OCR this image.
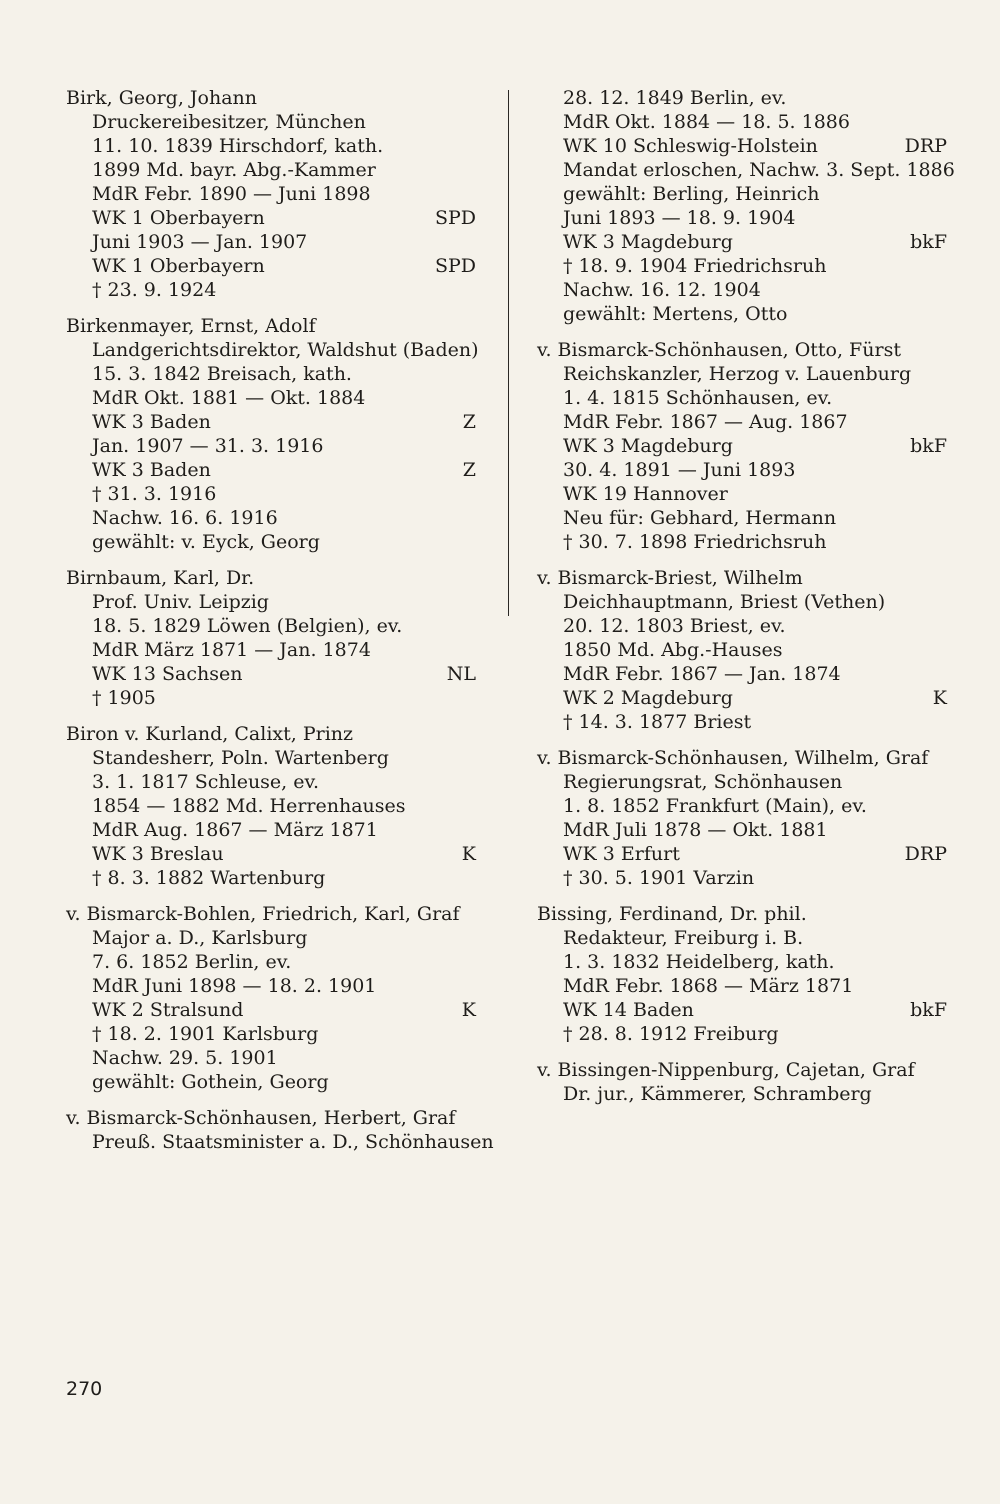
Birk, Georg, Johann
Druckereibesitzer, München
11. 10. 1839 Hirschdorf, kath.
1899 Md. bayr. Abg.-Kammer
MdR Febr. 1890 — Juni 1898
WK 1 Oberbayern	SPD
Juni 1903 — Jan. 1907
WK 1 Oberbayern	SPD
† 23. 9. 1924
Birkenmayer, Ernst, Adolf
Landgerichtsdirektor, Waldshut (Baden)
15. 3. 1842 Breisach, kath.
MdR Okt. 1881 — Okt. 1884
WK 3 Baden	Z
Jan. 1907 — 31. 3. 1916
WK 3 Baden	Z
† 31. 3. 1916
Nachw. 16. 6. 1916
gewählt: v. Eyck, Georg
Birnbaum, Karl, Dr.
Prof. Univ. Leipzig
18. 5. 1829 Löwen (Belgien), ev.
MdR März 1871 — Jan. 1874
WK 13 Sachsen	NL
† 1905
Biron v. Kurland, Calixt, Prinz
Standesherr, Poln. Wartenberg
3. 1. 1817 Schleuse, ev.
1854 — 1882 Md. Herrenhauses
MdR Aug. 1867 — März 1871
WK 3 Breslau	K
† 8. 3. 1882 Wartenburg
v. Bismarck-Bohlen, Friedrich, Karl, Graf
Major a. D., Karlsburg
7. 6. 1852 Berlin, ev.
MdR Juni 1898 — 18. 2. 1901
WK 2 Stralsund	K
† 18. 2. 1901 Karlsburg
Nachw. 29. 5. 1901
gewählt: Gothein, Georg
v. Bismarck-Schönhausen, Herbert, Graf
Preuß. Staatsminister a. D., Schönhausen
28. 12. 1849 Berlin, ev.
MdR Okt. 1884 — 18. 5. 1886
WK 10 Schleswig-Holstein	DRP
Mandat erloschen, Nachw. 3. Sept. 1886
gewählt: Berling, Heinrich
Juni 1893 — 18. 9. 1904
WK 3 Magdeburg	bkF
† 18. 9. 1904 Friedrichsruh
Nachw. 16. 12. 1904
gewählt: Mertens, Otto
v. Bismarck-Schönhausen, Otto, Fürst
Reichskanzler, Herzog v. Lauenburg
1. 4. 1815 Schönhausen, ev.
MdR Febr. 1867 — Aug. 1867
WK 3 Magdeburg	bkF
30. 4. 1891 — Juni 1893
WK 19 Hannover
Neu für: Gebhard, Hermann
† 30. 7. 1898 Friedrichsruh
v. Bismarck-Briest, Wilhelm
Deichhauptmann, Briest (Vethen)
20. 12. 1803 Briest, ev.
1850 Md. Abg.-Hauses
MdR Febr. 1867 — Jan. 1874
WK 2 Magdeburg	K
† 14. 3. 1877 Briest
v. Bismarck-Schönhausen, Wilhelm, Graf
Regierungsrat, Schönhausen
1. 8. 1852 Frankfurt (Main), ev.
MdR Juli 1878 — Okt. 1881
WK 3 Erfurt	DRP
† 30. 5. 1901 Varzin
Bissing, Ferdinand, Dr. phil.
Redakteur, Freiburg i. B.
1. 3. 1832 Heidelberg, kath.
MdR Febr. 1868 — März 1871
WK 14 Baden	bkF
† 28. 8. 1912 Freiburg
v. Bissingen-Nippenburg, Cajetan, Graf
Dr. jur., Kämmerer, Schramberg
270
